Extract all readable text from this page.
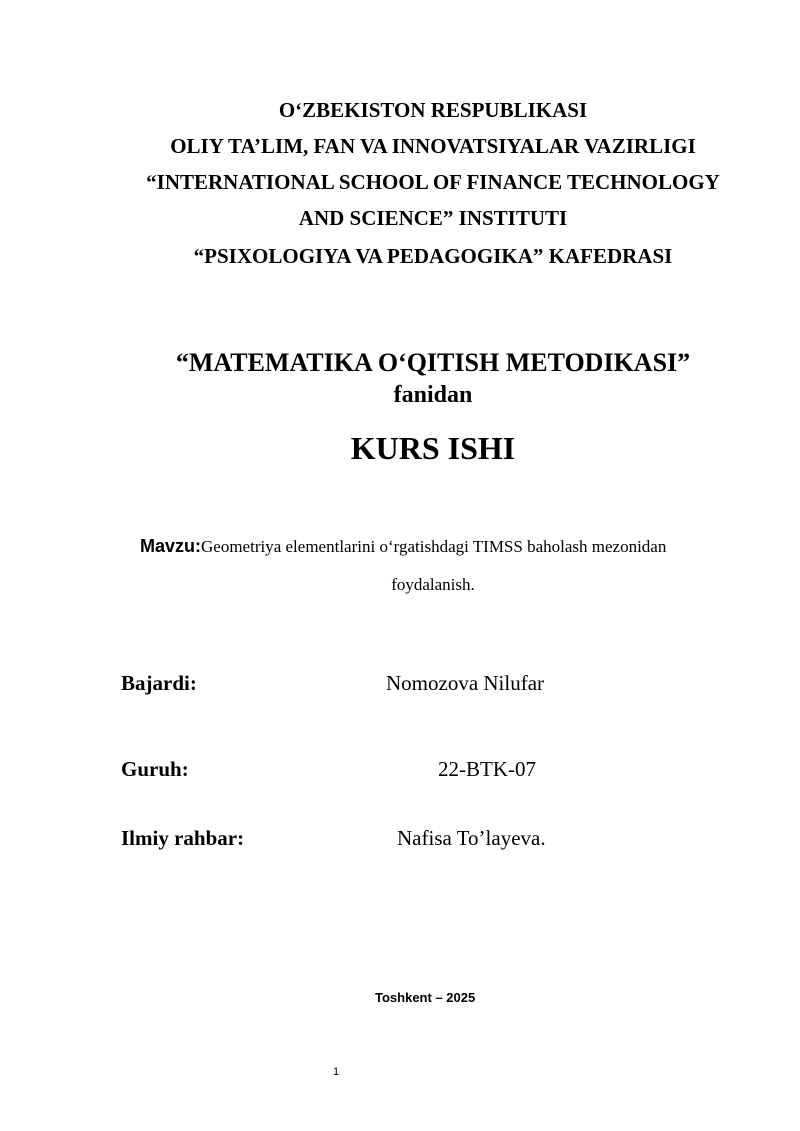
O‘ZBEKISTON RESPUBLIKASI
OLIY TA’LIM, FAN VA INNOVATSIYALAR VAZIRLIGI
“INTERNATIONAL SCHOOL OF FINANCE TECHNOLOGY
AND SCIENCE” INSTITUTI
“PSIXOLOGIYA VA PEDAGOGIKA” KAFEDRASI
“MATEMATIKA O‘QITISH METODIKASI”
fanidan
KURS ISHI
Mavzu:Geometriya elementlarini o‘rgatishdagi TIMSS baholash mezonidan
foydalanish.
Bajardi:	Nomozova Nilufar
Guruh:	22-BTK-07
Ilmiy rahbar:	Nafisa To’layeva.
Toshkent – 2025
1
